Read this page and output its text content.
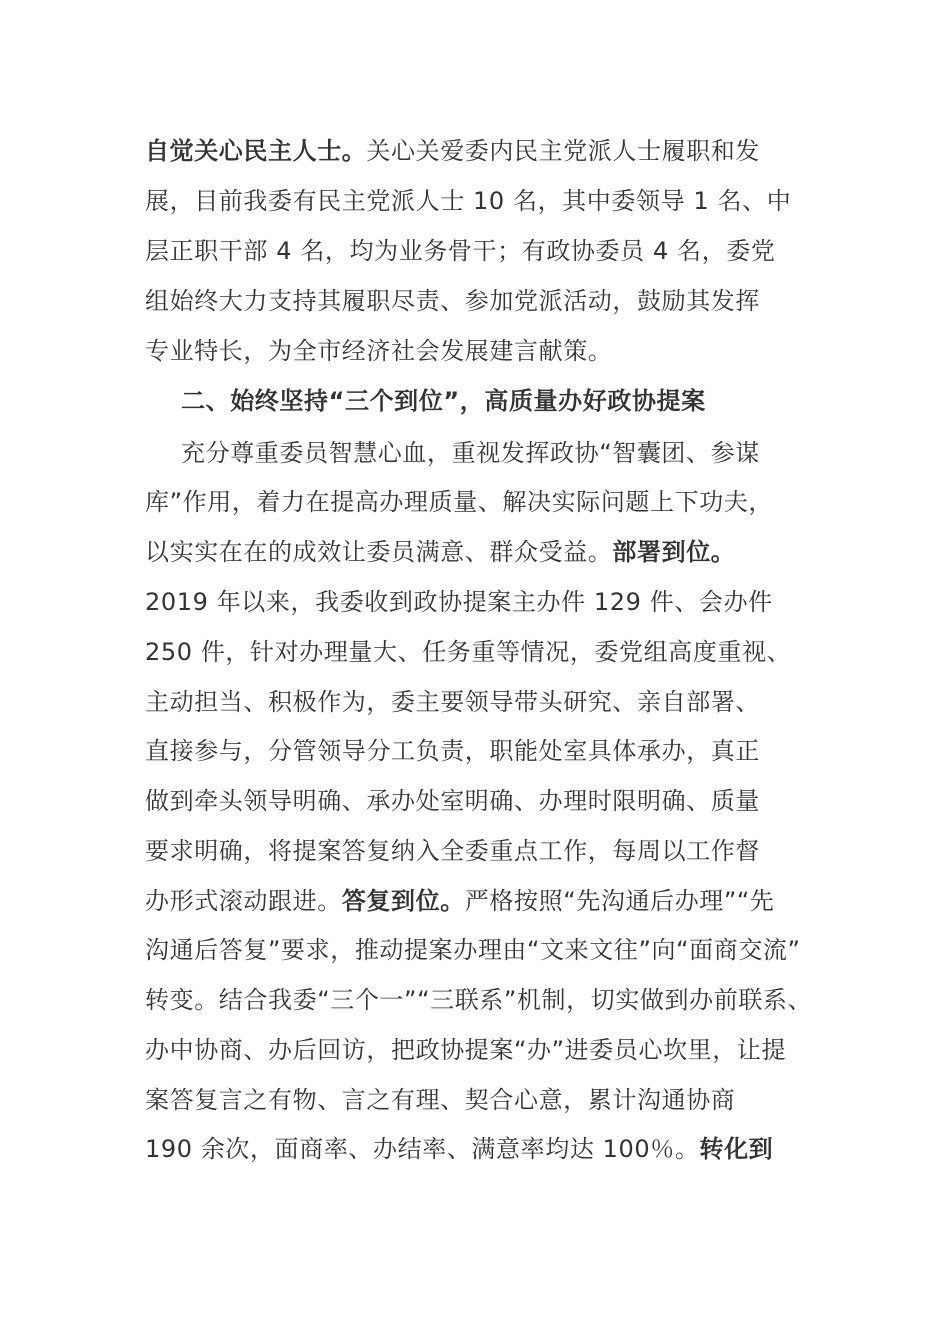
自觉关心民主人士。关心关爱委内民主党派人士履职和发
展，目前我委有民主党派人士 10 名，其中委领导 1 名、中
层正职干部 4 名，均为业务骨干；有政协委员 4 名，委党
组始终大力支持其履职尽责、参加党派活动，鼓励其发挥
专业特长，为全市经济社会发展建言献策。
二、始终坚持“三个到位”，高质量办好政协提案
充分尊重委员智慧心血，重视发挥政协“智囊团、参谋
库”作用，着力在提高办理质量、解决实际问题上下功夫，
以实实在在的成效让委员满意、群众受益。部署到位。
2019 年以来，我委收到政协提案主办件 129 件、会办件
250 件，针对办理量大、任务重等情况，委党组高度重视、
主动担当、积极作为，委主要领导带头研究、亲自部署、
直接参与，分管领导分工负责，职能处室具体承办，真正
做到牵头领导明确、承办处室明确、办理时限明确、质量
要求明确，将提案答复纳入全委重点工作，每周以工作督
办形式滚动跟进。答复到位。严格按照“先沟通后办理”“先
沟通后答复”要求，推动提案办理由“文来文往”向“面商交流”
转变。结合我委“三个一”“三联系”机制，切实做到办前联系、
办中协商、办后回访，把政协提案“办”进委员心坎里，让提
案答复言之有物、言之有理、契合心意，累计沟通协商
190 余次，面商率、办结率、满意率均达 100％。转化到
